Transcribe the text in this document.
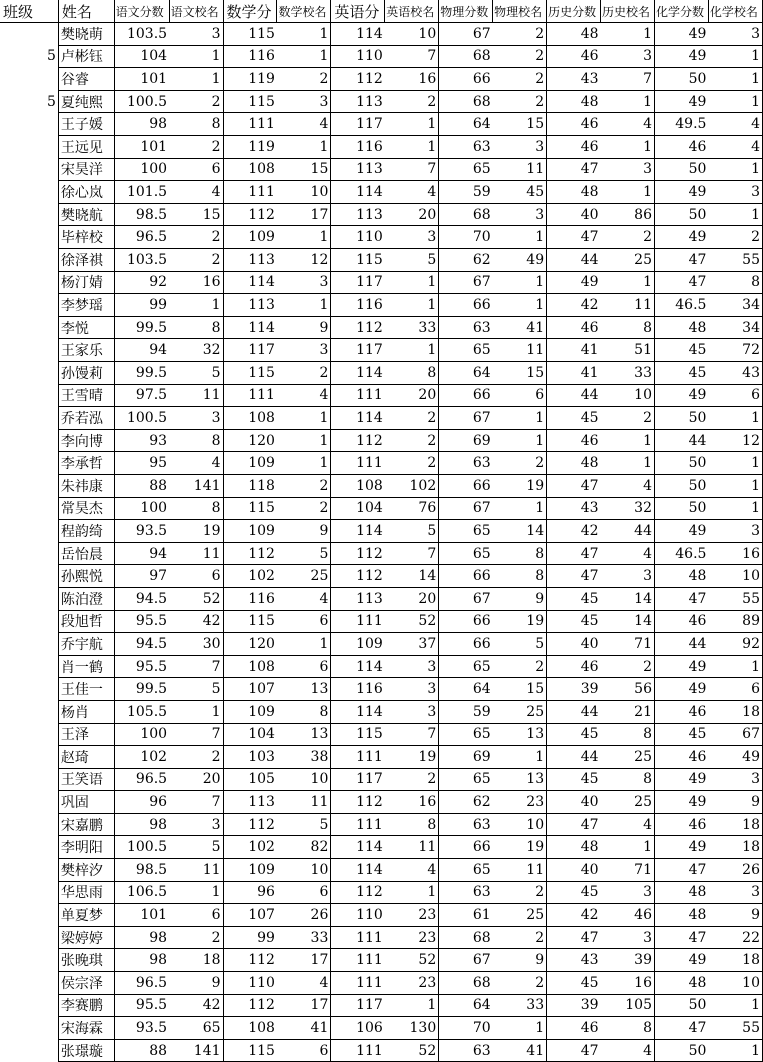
班级	姓名	语文分数	语文校名	数学分	数学校名	英语分	英语校名	物理分数	物理校名	历史分数	历史校名	化学分数	化学校名
	樊晓萌	103.5	3	115	1	114	10	67	2	48	1	49	3
5	卢彬钰	104	1	116	1	110	7	68	2	46	3	49	1
	谷睿	101	1	119	2	112	16	66	2	43	7	50	1
5	夏纯熙	100.5	2	115	3	113	2	68	2	48	1	49	1
	王子媛	98	8	111	4	117	1	64	15	46	4	49.5	4
	王远见	101	2	119	1	116	1	63	3	46	1	46	4
	宋昊洋	100	6	108	15	113	7	65	11	47	3	50	1
	徐心岚	101.5	4	111	10	114	4	59	45	48	1	49	3
	樊晓航	98.5	15	112	17	113	20	68	3	40	86	50	1
	毕梓校	96.5	2	109	1	110	3	70	1	47	2	49	2
	徐泽祺	103.5	2	113	12	115	5	62	49	44	25	47	55
	杨汀婧	92	16	114	3	117	1	67	1	49	1	47	8
	李梦瑶	99	1	113	1	116	1	66	1	42	11	46.5	34
	李悦	99.5	8	114	9	112	33	63	41	46	8	48	34
	王家乐	94	32	117	3	117	1	65	11	41	51	45	72
	孙馒莉	99.5	5	115	2	114	8	64	15	41	33	45	43
	王雪晴	97.5	11	111	4	111	20	66	6	44	10	49	6
	乔若泓	100.5	3	108	1	114	2	67	1	45	2	50	1
	李向博	93	8	120	1	112	2	69	1	46	1	44	12
	李承哲	95	4	109	1	111	2	63	2	48	1	50	1
	朱祎康	88	141	118	2	108	102	66	19	47	4	50	1
	常昊杰	100	8	115	2	104	76	67	1	43	32	50	1
	程韵绮	93.5	19	109	9	114	5	65	14	42	44	49	3
	岳怡晨	94	11	112	5	112	7	65	8	47	4	46.5	16
	孙熙悦	97	6	102	25	112	14	66	8	47	3	48	10
	陈泊澄	94.5	52	116	4	113	20	67	9	45	14	47	55
	段旭哲	95.5	42	115	6	111	52	66	19	45	14	46	89
	乔宇航	94.5	30	120	1	109	37	66	5	40	71	44	92
	肖一鹤	95.5	7	108	6	114	3	65	2	46	2	49	1
	王佳一	99.5	5	107	13	116	3	64	15	39	56	49	6
	杨肖	105.5	1	109	8	114	3	59	25	44	21	46	18
	王泽	100	7	104	13	115	7	65	13	45	8	45	67
	赵琦	102	2	103	38	111	19	69	1	44	25	46	49
	王笑语	96.5	20	105	10	117	2	65	13	45	8	49	3
	巩固	96	7	113	11	112	16	62	23	40	25	49	9
	宋嘉鹏	98	3	112	5	111	8	63	10	47	4	46	18
	李明阳	100.5	5	102	82	114	11	66	19	48	1	49	18
	樊梓汐	98.5	11	109	10	114	4	65	11	40	71	47	26
	华思雨	106.5	1	96	6	112	1	63	2	45	3	48	3
	单夏梦	101	6	107	26	110	23	61	25	42	46	48	9
	梁婷婷	98	2	99	33	111	23	68	2	47	3	47	22
	张晚琪	98	18	112	17	111	52	67	9	43	39	49	18
	侯宗泽	96.5	9	110	4	111	23	68	2	45	16	48	10
	李赛鹏	95.5	42	112	17	117	1	64	33	39	105	50	1
	宋海霖	93.5	65	108	41	106	130	70	1	46	8	47	55
	张璟璇	88	141	115	6	111	52	63	41	47	4	50	1
